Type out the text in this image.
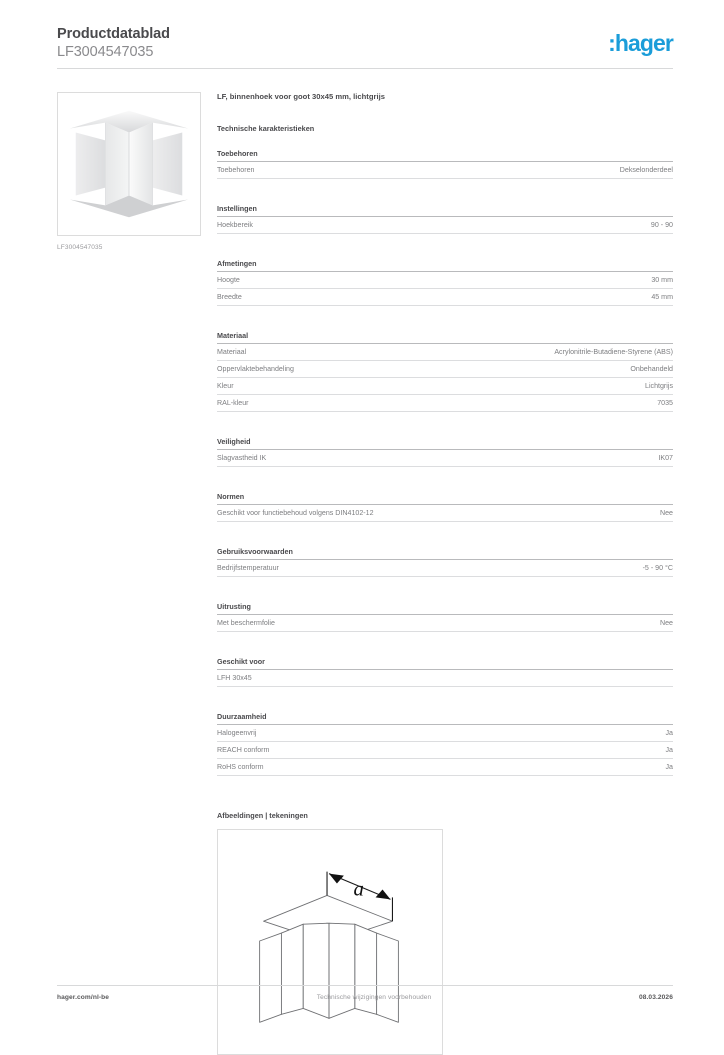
Productdatablad
LF3004547035	:hager
LF3004547035
LF, binnenhoek voor goot 30x45 mm, lichtgrijs
Technische karakteristieken
Toebehoren
Toebehoren	Dekselonderdeel
Instellingen
Hoekbereik	90 - 90
Afmetingen
Hoogte	30 mm
Breedte	45 mm
Materiaal
Materiaal	Acrylonitrile-Butadiene-Styrene (ABS)
Oppervlaktebehandeling	Onbehandeld
Kleur	Lichtgrijs
RAL-kleur	7035
Veiligheid
Slagvastheid IK	IK07
Normen
Geschikt voor functiebehoud volgens DIN4102-12	Nee
Gebruiksvoorwaarden
Bedrijfstemperatuur	-5 - 90 °C
Uitrusting
Met beschermfolie	Nee
Geschikt voor
LFH 30x45
Duurzaamheid
Halogeenvrij	Ja
REACH conform	Ja
RoHS conform	Ja
Afbeeldingen | tekeningen
a
hager.com/nl-be	Technische wijzigingen voorbehouden	08.03.2026
